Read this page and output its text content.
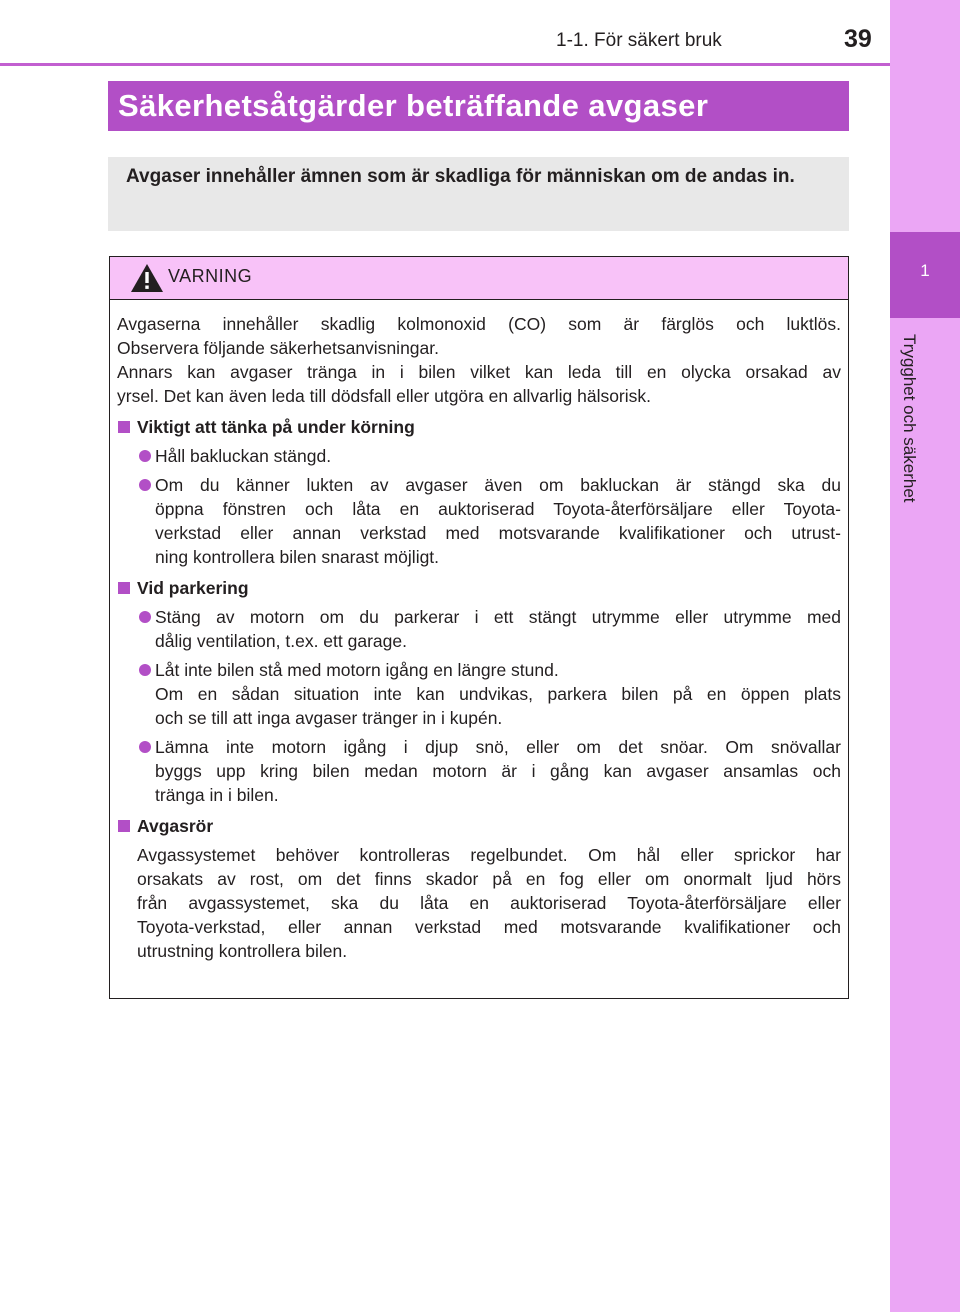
1-1. För säkert bruk	39
1
Trygghet och säkerhet
Säkerhetsåtgärder beträffande avgaser
Avgaser innehåller ämnen som är skadliga för människan om de andas in.
VARNING

Avgaserna innehåller skadlig kolmonoxid (CO) som är färglös och luktlös.
Observera följande säkerhetsanvisningar.
Annars kan avgaser tränga in i bilen vilket kan leda till en olycka orsakad av
yrsel. Det kan även leda till dödsfall eller utgöra en allvarlig hälsorisk.

Viktigt att tänka på under körning
Håll bakluckan stängd.
Om du känner lukten av avgaser även om bakluckan är stängd ska du
öppna fönstren och låta en auktoriserad Toyota-återförsäljare eller Toyota-
verkstad eller annan verkstad med motsvarande kvalifikationer och utrust-
ning kontrollera bilen snarast möjligt.
Vid parkering
Stäng av motorn om du parkerar i ett stängt utrymme eller utrymme med
dålig ventilation, t.ex. ett garage.
Låt inte bilen stå med motorn igång en längre stund.
Om en sådan situation inte kan undvikas, parkera bilen på en öppen plats
och se till att inga avgaser tränger in i kupén.
Lämna inte motorn igång i djup snö, eller om det snöar. Om snövallar
byggs upp kring bilen medan motorn är i gång kan avgaser ansamlas och
tränga in i bilen.
Avgasrör
Avgassystemet behöver kontrolleras regelbundet. Om hål eller sprickor har
orsakats av rost, om det finns skador på en fog eller om onormalt ljud hörs
från avgassystemet, ska du låta en auktoriserad Toyota-återförsäljare eller
Toyota-verkstad, eller annan verkstad med motsvarande kvalifikationer och
utrustning kontrollera bilen.
